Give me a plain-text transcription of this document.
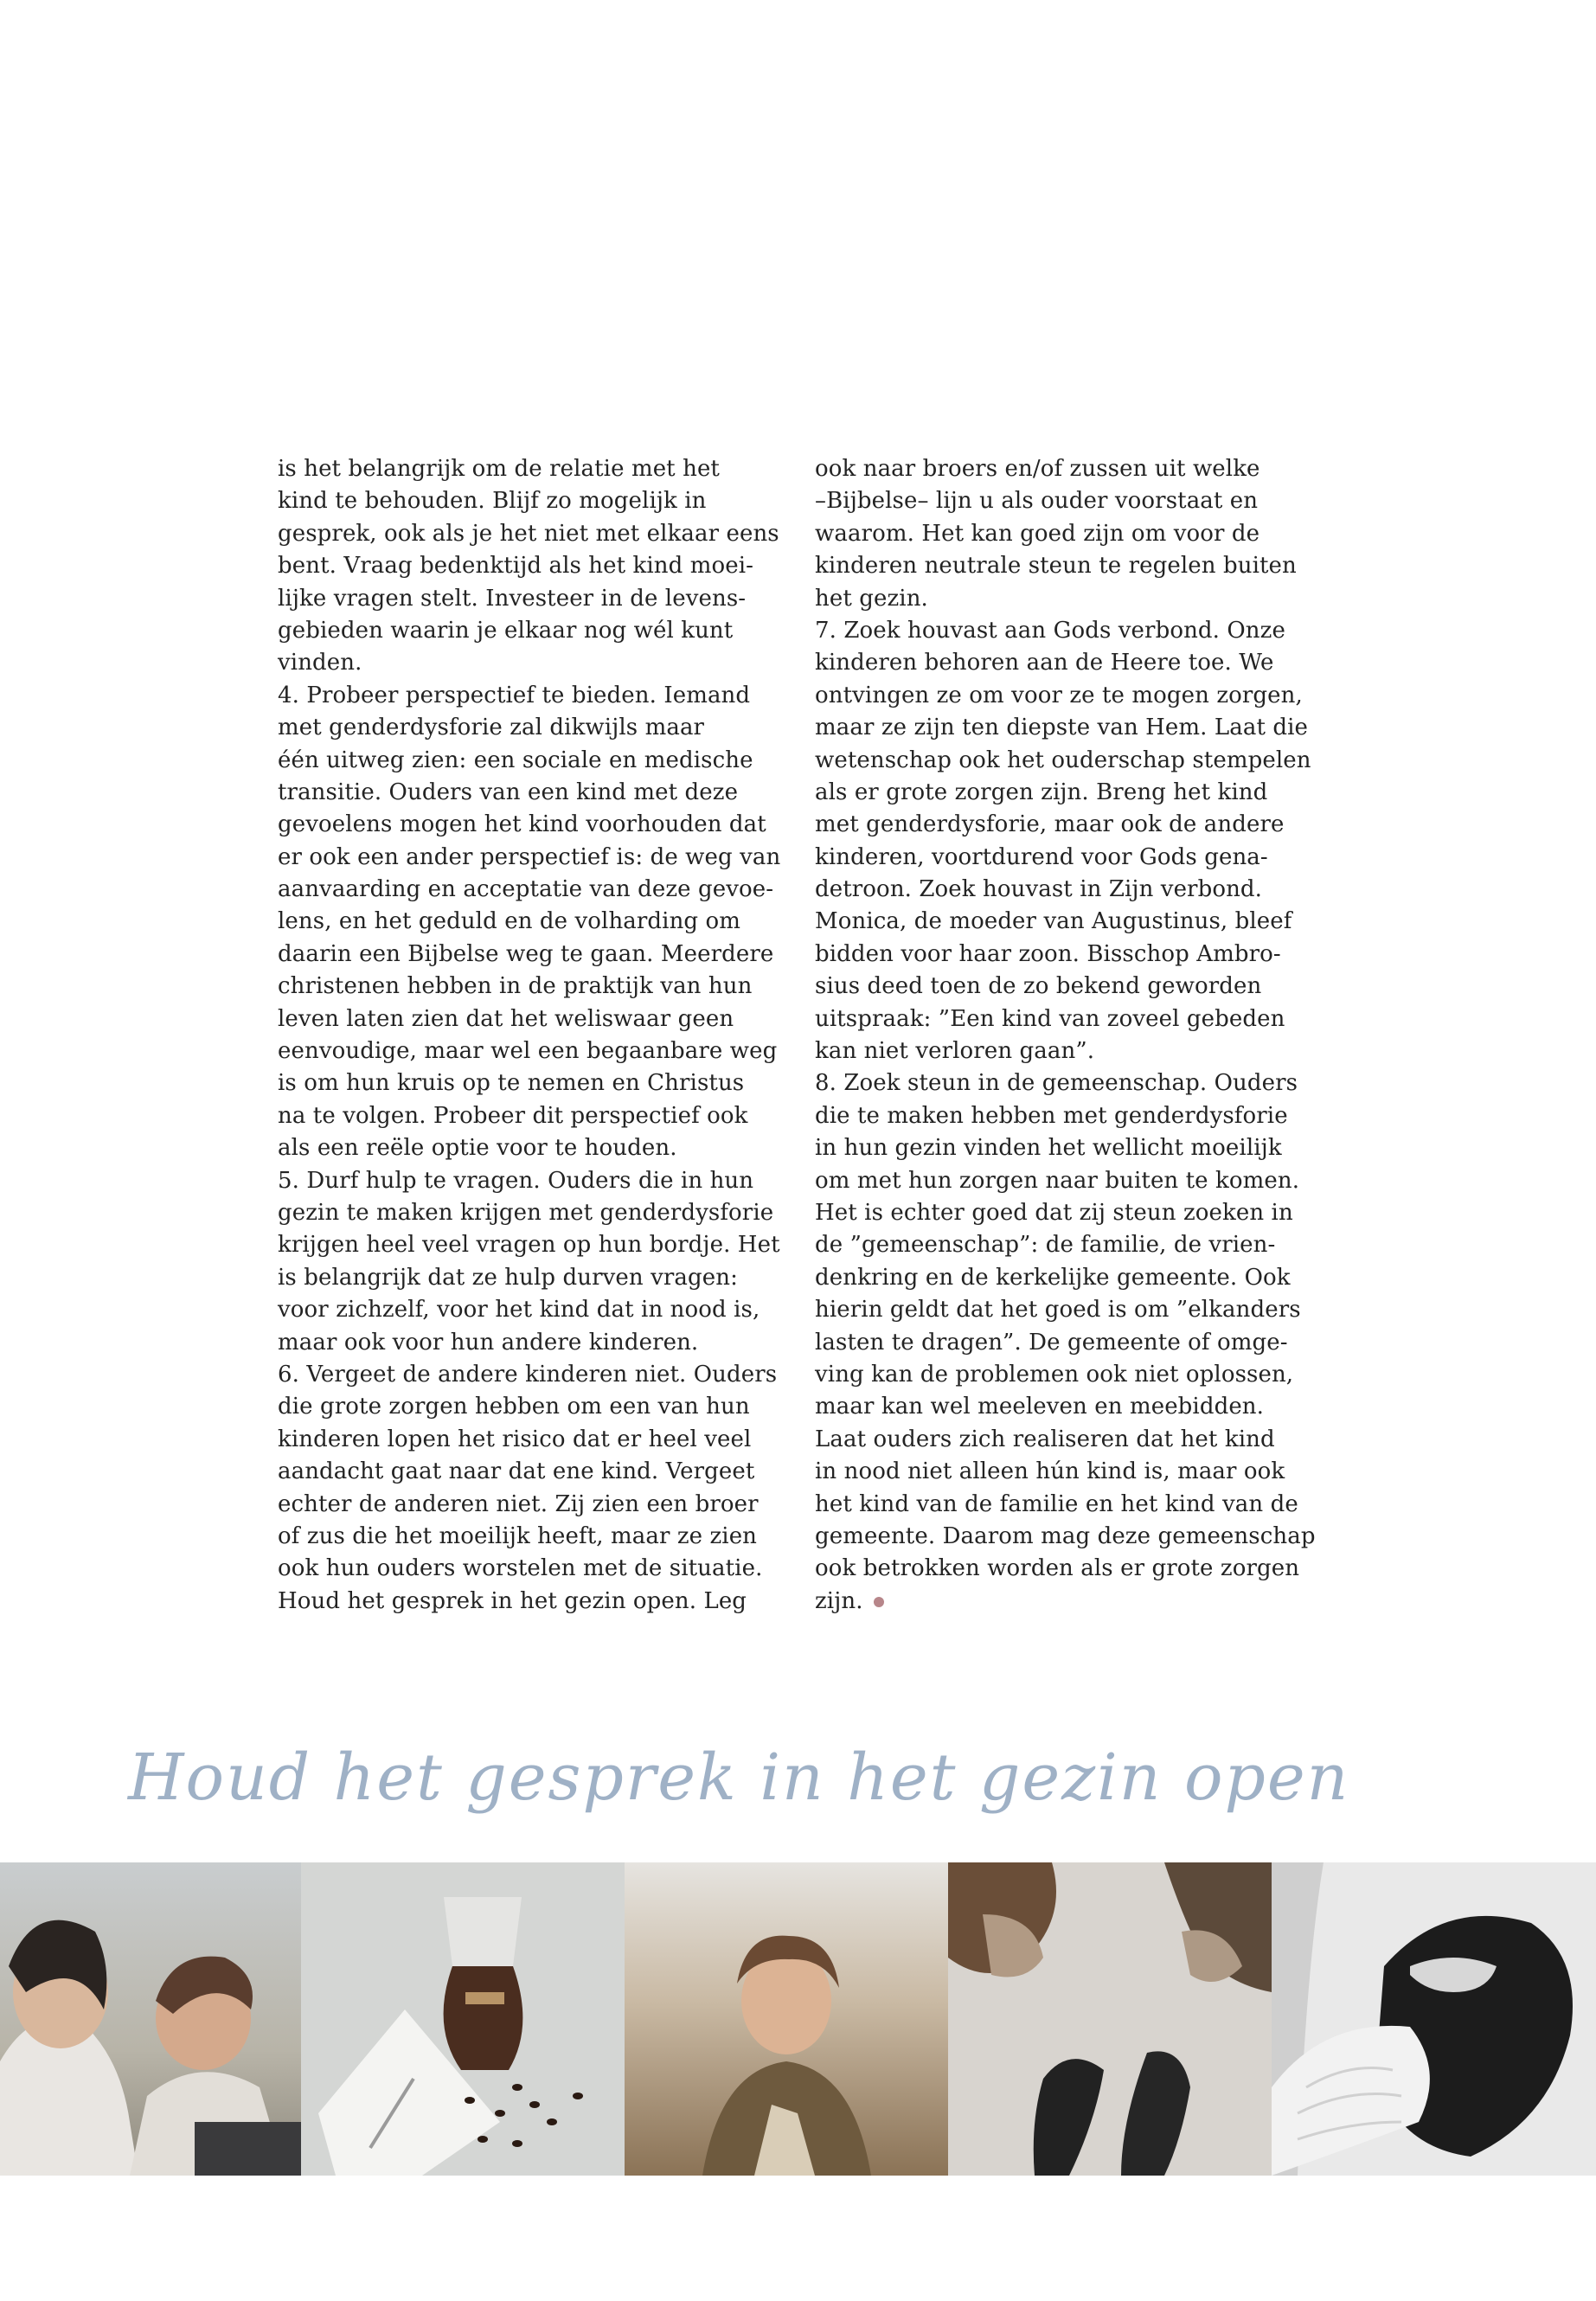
is het belangrijk om de relatie met het
kind te behouden. Blijf zo mogelijk in
gesprek, ook als je het niet met elkaar eens
bent. Vraag bedenktijd als het kind moei-
lijke vragen stelt. Investeer in de levens-
gebieden waarin je elkaar nog wél kunt
vinden.
4. Probeer perspectief te bieden. Iemand
met genderdysforie zal dikwijls maar
één uitweg zien: een sociale en medische
transitie. Ouders van een kind met deze
gevoelens mogen het kind voorhouden dat
er ook een ander perspectief is: de weg van
aanvaarding en acceptatie van deze gevoe-
lens, en het geduld en de volharding om
daarin een Bijbelse weg te gaan. Meerdere
christenen hebben in de praktijk van hun
leven laten zien dat het weliswaar geen
eenvoudige, maar wel een begaanbare weg
is om hun kruis op te nemen en Christus
na te volgen. Probeer dit perspectief ook
als een reële optie voor te houden.
5. Durf hulp te vragen. Ouders die in hun
gezin te maken krijgen met genderdysforie
krijgen heel veel vragen op hun bordje. Het
is belangrijk dat ze hulp durven vragen:
voor zichzelf, voor het kind dat in nood is,
maar ook voor hun andere kinderen.
6. Vergeet de andere kinderen niet. Ouders
die grote zorgen hebben om een van hun
kinderen lopen het risico dat er heel veel
aandacht gaat naar dat ene kind. Vergeet
echter de anderen niet. Zij zien een broer
of zus die het moeilijk heeft, maar ze zien
ook hun ouders worstelen met de situatie.
Houd het gesprek in het gezin open. Leg
ook naar broers en/of zussen uit welke
–Bijbelse– lijn u als ouder voorstaat en
waarom. Het kan goed zijn om voor de
kinderen neutrale steun te regelen buiten
het gezin.
7. Zoek houvast aan Gods verbond. Onze
kinderen behoren aan de Heere toe. We
ontvingen ze om voor ze te mogen zorgen,
maar ze zijn ten diepste van Hem. Laat die
wetenschap ook het ouderschap stempelen
als er grote zorgen zijn. Breng het kind
met genderdysforie, maar ook de andere
kinderen, voortdurend voor Gods gena-
detroon. Zoek houvast in Zijn verbond.
Monica, de moeder van Augustinus, bleef
bidden voor haar zoon. Bisschop Ambro-
sius deed toen de zo bekend geworden
uitspraak: ”Een kind van zoveel gebeden
kan niet verloren gaan”.
8. Zoek steun in de gemeenschap. Ouders
die te maken hebben met genderdysforie
in hun gezin vinden het wellicht moeilijk
om met hun zorgen naar buiten te komen.
Het is echter goed dat zij steun zoeken in
de ”gemeenschap”: de familie, de vrien-
denkring en de kerkelijke gemeente. Ook
hierin geldt dat het goed is om ”elkanders
lasten te dragen”. De gemeente of omge-
ving kan de problemen ook niet oplossen,
maar kan wel meeleven en meebidden.
Laat ouders zich realiseren dat het kind
in nood niet alleen hún kind is, maar ook
het kind van de familie en het kind van de
gemeente. Daarom mag deze gemeenschap
ook betrokken worden als er grote zorgen
zijn.
Houd het gesprek in het gezin open
